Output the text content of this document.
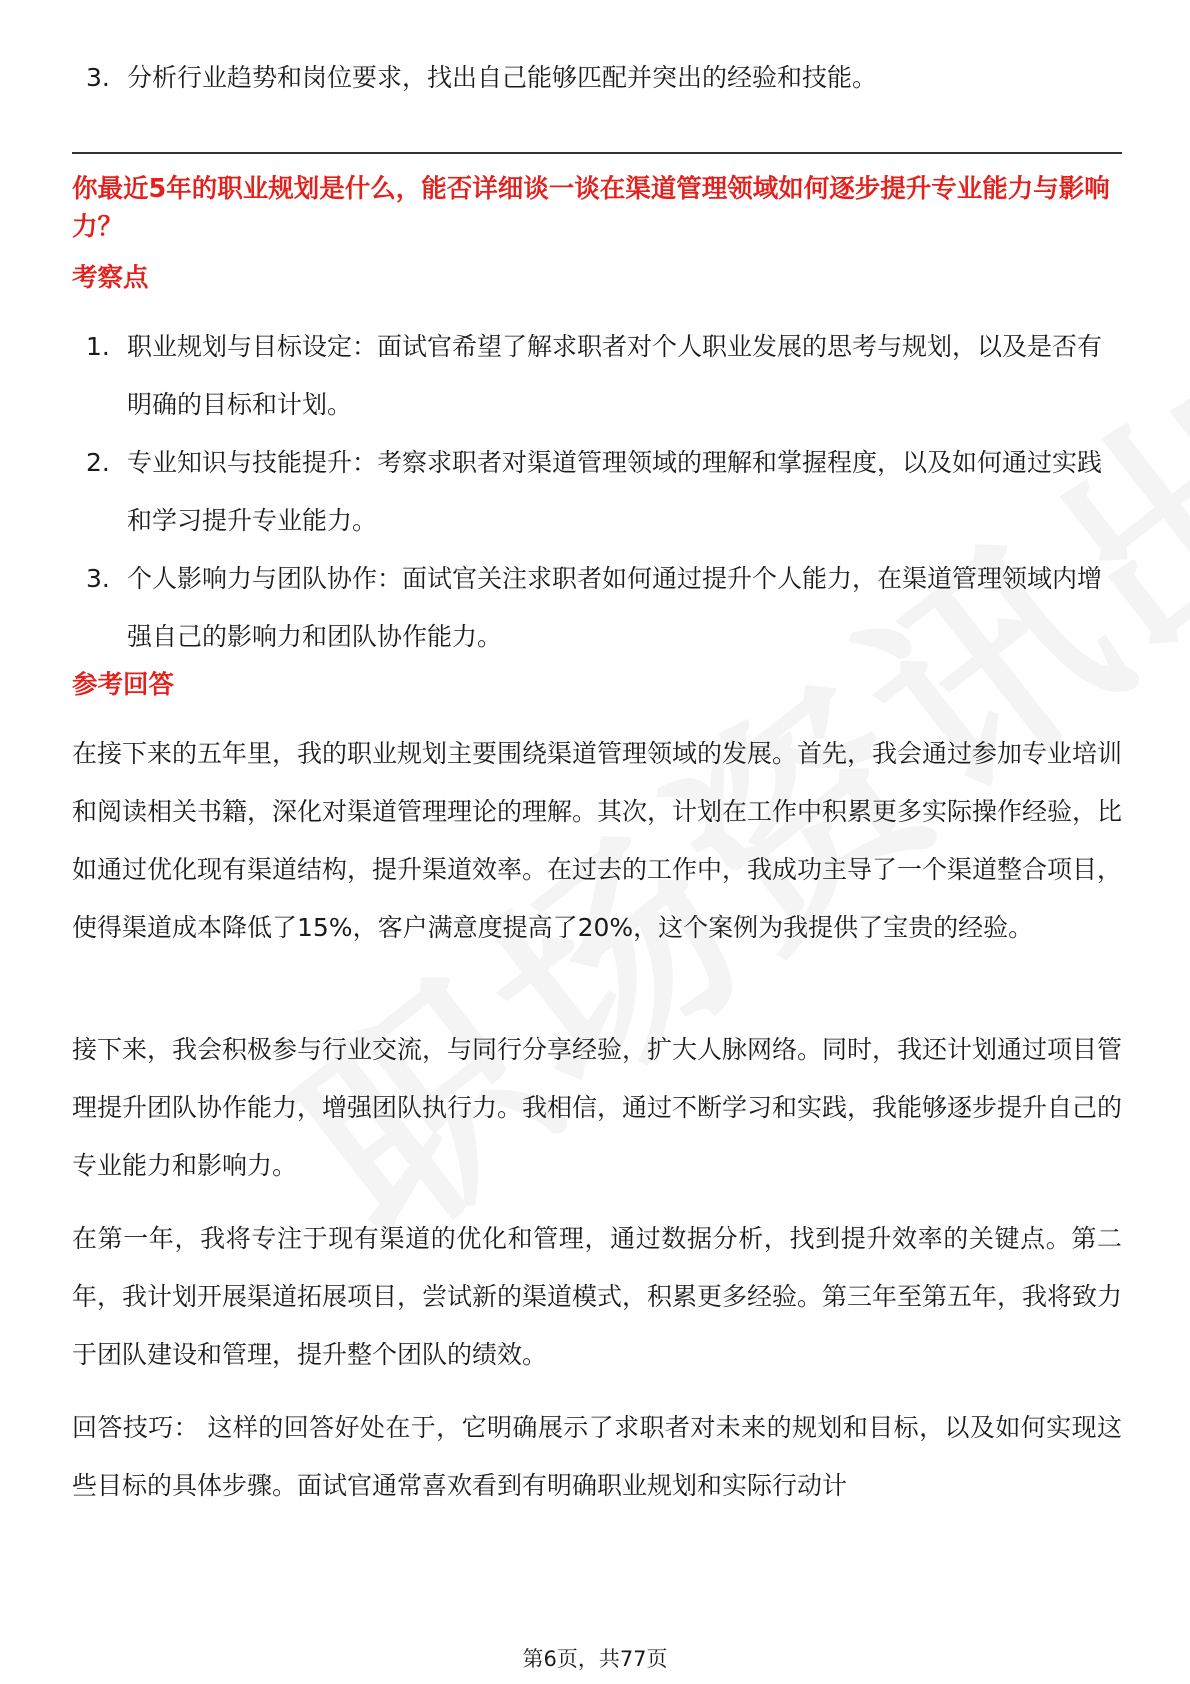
3. 分析行业趋势和岗位要求，找出自己能够匹配并突出的经验和技能。
你最近5年的职业规划是什么，能否详细谈一谈在渠道管理领域如何逐步提升专业能力与影响力？
考察点
1. 职业规划与目标设定：面试官希望了解求职者对个人职业发展的思考与规划，以及是否有明确的目标和计划。
2. 专业知识与技能提升：考察求职者对渠道管理领域的理解和掌握程度，以及如何通过实践和学习提升专业能力。
3. 个人影响力与团队协作：面试官关注求职者如何通过提升个人能力，在渠道管理领域内增强自己的影响力和团队协作能力。
参考回答

在接下来的五年里，我的职业规划主要围绕渠道管理领域的发展。首先，我会通过参加专业培训和阅读相关书籍，深化对渠道管理理论的理解。其次，计划在工作中积累更多实际操作经验，比如通过优化现有渠道结构，提升渠道效率。在过去的工作中，我成功主导了一个渠道整合项目，使得渠道成本降低了15%，客户满意度提高了20%，这个案例为我提供了宝贵的经验。

接下来，我会积极参与行业交流，与同行分享经验，扩大人脉网络。同时，我还计划通过项目管理提升团队协作能力，增强团队执行力。我相信，通过不断学习和实践，我能够逐步提升自己的专业能力和影响力。

在第一年，我将专注于现有渠道的优化和管理，通过数据分析，找到提升效率的关键点。第二年，我计划开展渠道拓展项目，尝试新的渠道模式，积累更多经验。第三年至第五年，我将致力于团队建设和管理，提升整个团队的绩效。

回答技巧： 这样的回答好处在于，它明确展示了求职者对未来的规划和目标，以及如何实现这些目标的具体步骤。面试官通常喜欢看到有明确职业规划和实际行动计

第6页，共77页
